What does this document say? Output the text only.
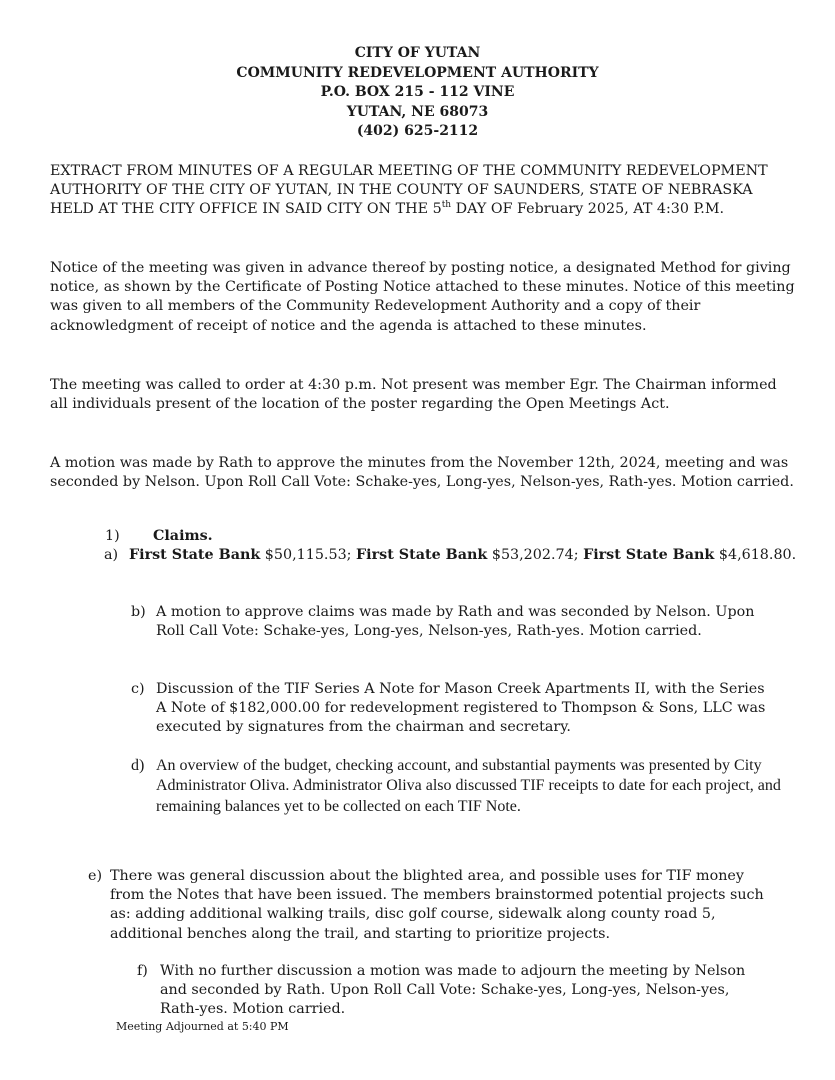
CITY OF YUTAN
COMMUNITY REDEVELOPMENT AUTHORITY
P.O. BOX 215 - 112 VINE
YUTAN, NE 68073
(402) 625-2112

EXTRACT FROM MINUTES OF A REGULAR MEETING OF THE COMMUNITY REDEVELOPMENT AUTHORITY OF THE CITY OF YUTAN, IN THE COUNTY OF SAUNDERS, STATE OF NEBRASKA HELD AT THE CITY OFFICE IN SAID CITY ON THE 5th DAY OF February 2025, AT 4:30 P.M.

Notice of the meeting was given in advance thereof by posting notice, a designated Method for giving notice, as shown by the Certificate of Posting Notice attached to these minutes. Notice of this meeting was given to all members of the Community Redevelopment Authority and a copy of their acknowledgment of receipt of notice and the agenda is attached to these minutes.

The meeting was called to order at 4:30 p.m. Not present was member Egr. The Chairman informed all individuals present of the location of the poster regarding the Open Meetings Act.

A motion was made by Rath to approve the minutes from the November 12th, 2024, meeting and was seconded by Nelson. Upon Roll Call Vote: Schake-yes, Long-yes, Nelson-yes, Rath-yes. Motion carried.

1) Claims.
a) First State Bank $50,115.53; First State Bank $53,202.74; First State Bank $4,618.80.
b) A motion to approve claims was made by Rath and was seconded by Nelson. Upon Roll Call Vote: Schake-yes, Long-yes, Nelson-yes, Rath-yes. Motion carried.
c) Discussion of the TIF Series A Note for Mason Creek Apartments II, with the Series A Note of $182,000.00 for redevelopment registered to Thompson & Sons, LLC was executed by signatures from the chairman and secretary.
d) An overview of the budget, checking account, and substantial payments was presented by City Administrator Oliva. Administrator Oliva also discussed TIF receipts to date for each project, and remaining balances yet to be collected on each TIF Note.
e) There was general discussion about the blighted area, and possible uses for TIF money from the Notes that have been issued. The members brainstormed potential projects such as: adding additional walking trails, disc golf course, sidewalk along county road 5, additional benches along the trail, and starting to prioritize projects.
f) With no further discussion a motion was made to adjourn the meeting by Nelson and seconded by Rath. Upon Roll Call Vote: Schake-yes, Long-yes, Nelson-yes, Rath-yes. Motion carried.
Meeting Adjourned at 5:40 PM
